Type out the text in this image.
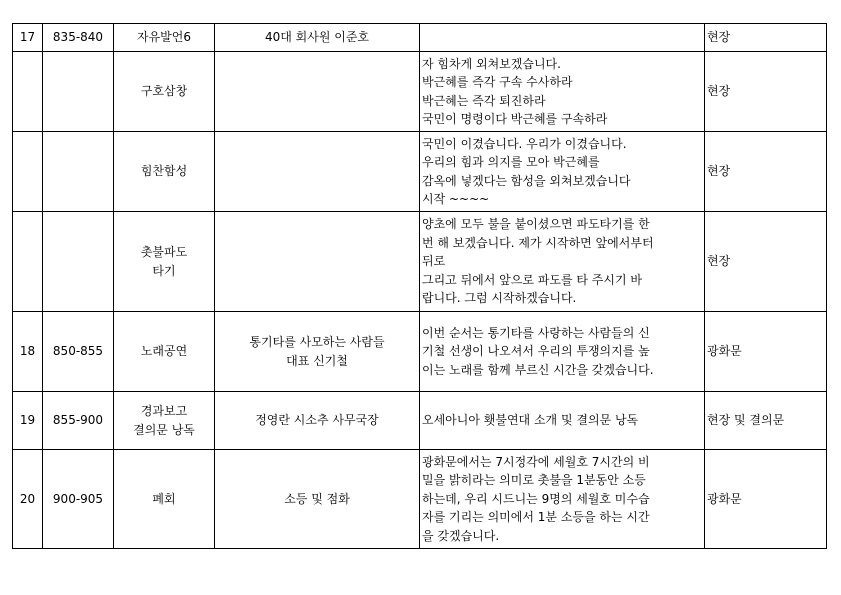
17	835-840	자유발언6	40대 회사원 이준호		현장

		구호삼창		자 힘차게 외쳐보겠습니다.
박근혜를 즉각 구속 수사하라
박근혜는 즉각 퇴진하라
국민이 명령이다 박근혜를 구속하라	현장

		힘찬함성		국민이 이겼습니다. 우리가 이겼습니다.
우리의 힘과 의지를 모아 박근혜를
감옥에 넣겠다는 함성을 외쳐보겠습니다
시작 ~~~~	현장

		촛불파도
타기		양초에 모두 불을 붙이셨으면 파도타기를 한
번 해 보겠습니다. 제가 시작하면 앞에서부터
뒤로
그리고 뒤에서 앞으로 파도를 타 주시기 바
랍니다. 그럼 시작하겠습니다.	현장
18	850-855	노래공연	통기타를 사모하는 사람들
대표 신기철	이번 순서는 통기타를 사랑하는 사람들의 신
기철 선생이 나오셔서 우리의 투쟁의지를 높
이는 노래를 함께 부르신 시간을 갖겠습니다.	광화문
19	855-900	경과보고
결의문 낭독	정영란 시소추 사무국장	오세아니아 횃불연대 소개 및 결의문 낭독	현장 및 결의문
20	900-905	폐회	소등 및 점화	광화문에서는 7시정각에 세월호 7시간의 비
밀을 밝히라는 의미로 촛불을 1분동안 소등
하는데, 우리 시드니는 9명의 세월호 미수습
자를 기리는 의미에서 1분 소등을 하는 시간
을 갖겠습니다.	광화문
